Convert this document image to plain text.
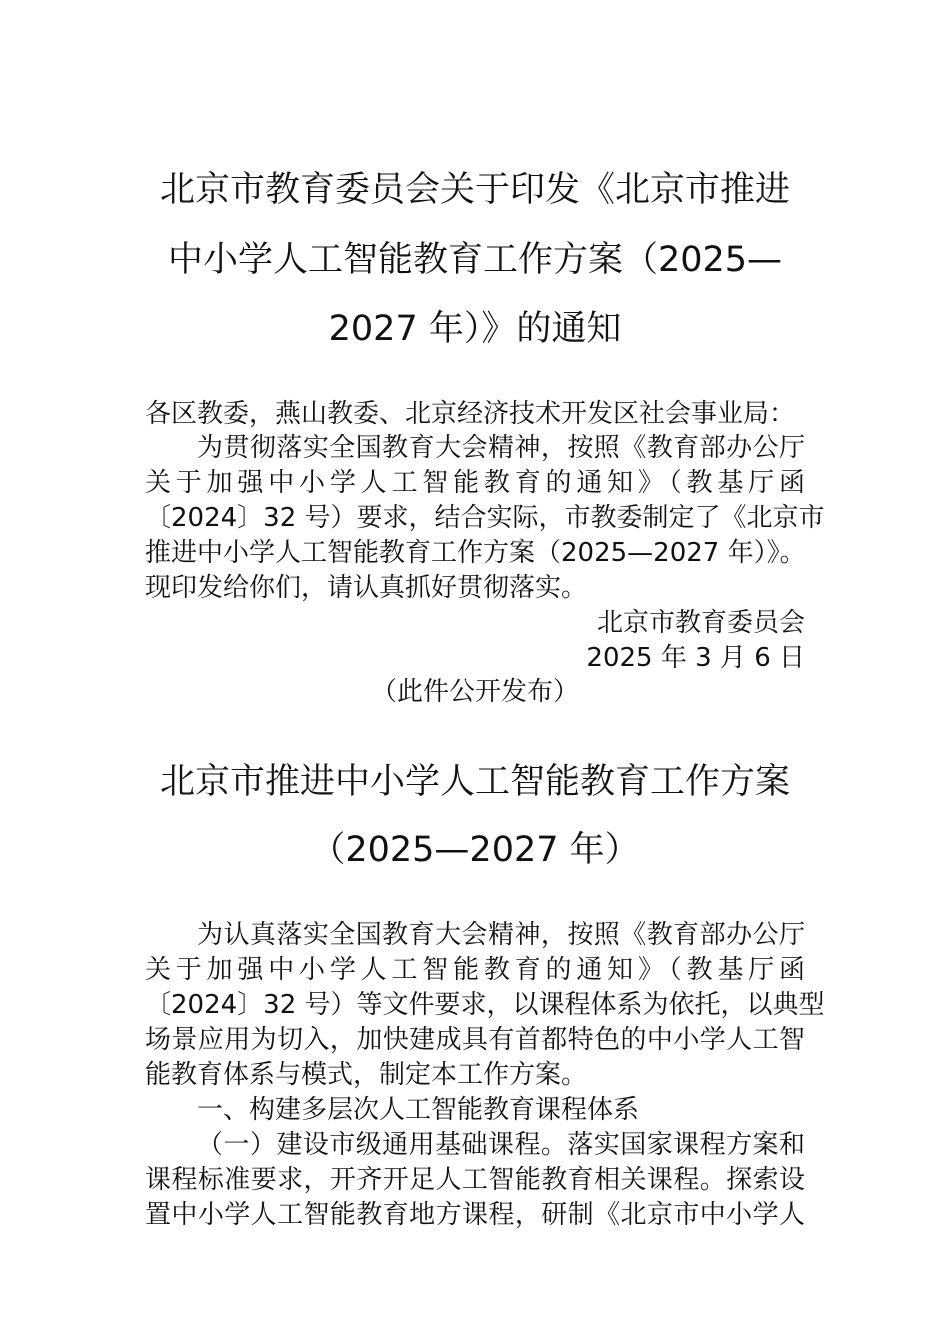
北京市教育委员会关于印发《北京市推进
中小学人工智能教育工作方案（2025—
2027 年）》的通知
各区教委，燕山教委、北京经济技术开发区社会事业局：
为贯彻落实全国教育大会精神，按照《教育部办公厅
关于加强中小学人工智能教育的通知》（教基厅函
〔2024〕32 号）要求，结合实际，市教委制定了《北京市
推进中小学人工智能教育工作方案（2025—2027 年）》。
现印发给你们，请认真抓好贯彻落实。
北京市教育委员会
2025 年 3 月 6 日
（此件公开发布）
北京市推进中小学人工智能教育工作方案
（2025—2027 年）
为认真落实全国教育大会精神，按照《教育部办公厅
关于加强中小学人工智能教育的通知》（教基厅函
〔2024〕32 号）等文件要求，以课程体系为依托，以典型
场景应用为切入，加快建成具有首都特色的中小学人工智
能教育体系与模式，制定本工作方案。
一、构建多层次人工智能教育课程体系
（一）建设市级通用基础课程。落实国家课程方案和
课程标准要求，开齐开足人工智能教育相关课程。探索设
置中小学人工智能教育地方课程，研制《北京市中小学人
